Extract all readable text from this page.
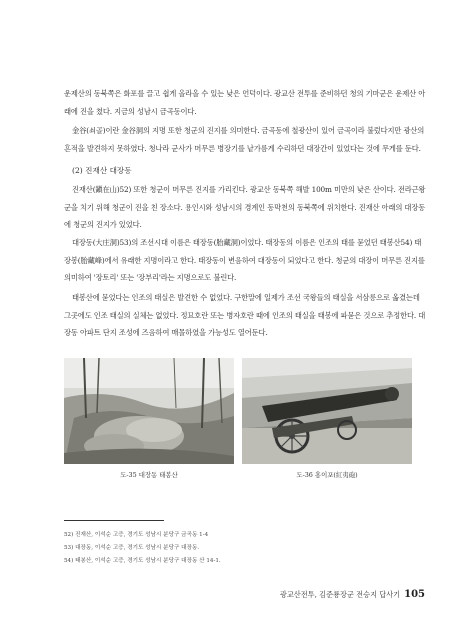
운제산의 동북쪽은 화포를 끌고 쉽게 올라올 수 있는 낮은 언덕이다. 광교산 전투를 준비하던 청의 기마군은 운제산 아래에 진을 쳤다. 지금의 성남시 금곡동이다.
金谷(쇠골)이란 金谷洞의 지명 또한 청군의 진지를 의미한다. 금곡동에 철광산이 있어 금곡이라 불렀다지만 광산의 흔적을 발견하지 못하였다. 청나라 군사가 머무른 병장기를 낱가름게 수리하던 대장간이 있었다는 것에 무게를 둔다.
(2) 진재산 대장동
진재산(鎭在山)52) 또한 청군이 머무른 진지를 가리킨다. 광교산 동북쪽 해발 100m 미만의 낮은 산이다. 전라근왕군을 치기 위해 청군이 진을 친 장소다. 용인시와 성남시의 경계인 동막천의 동북쪽에 위치한다. 진재산 아래의 대장동에 청군의 진지가 있었다.
대장동(大庄洞)53)의 조선시대 이름은 태장동(胎藏洞)이었다. 태장동의 이름은 인조의 태를 묻었던 태봉산54) 태장봉(胎藏峰)에서 유래한 지명이라고 한다. 태장동이 변음하여 대장동이 되었다고 한다. 청군의 대장이 머무른 진지를 의미하여 '장토리' 또는 '장부리'라는 지명으로도 불린다.
태봉산에 묻었다는 인조의 태실은 발견한 수 없었다. 구한말에 일제가 조선 국왕들의 태실을 서삼릉으로 옮겼는데 그곳에도 인조 태실의 실체는 없었다. 정묘호란 또는 병자호란 때에 인조의 태실을 태봉에 파묻은 것으로 추정한다. 대장동 아파트 단지 조성에 즈음하여 매몰하였을 가능성도 열어둔다.
도-35 대장동 태봉산	도-36 홍이포(紅夷砲)
52) 진재산, 이석순 고증, 경기도 성남시 분당구 금곡동 1-4
53) 대장동, 이석순 고증, 경기도 성남시 분당구 대장동.
54) 태봉산, 이석순 고증, 경기도 성남시 분당구 대장동 산 14-1.
광교산전투, 김준룡장군 전승지 답사기 105
